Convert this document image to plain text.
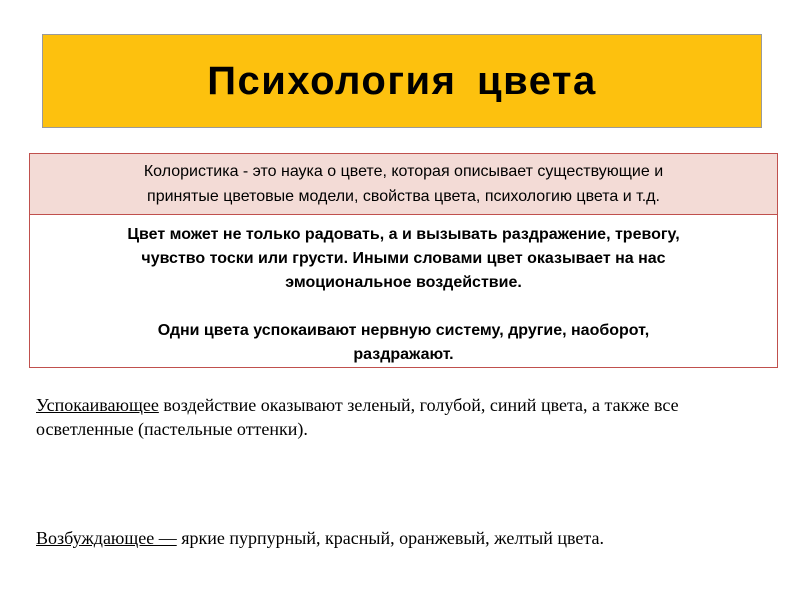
Психология цвета
Колористика - это наука о цвете, которая описывает существующие и
принятые цветовые модели, свойства цвета, психологию цвета и т.д.

Цвет может не только радовать, а и вызывать раздражение, тревогу,

чувство тоски или грусти. Иными словами цвет оказывает на нас

эмоциональное воздействие.

Одни цвета успокаивают нервную систему, другие, наоборот,

раздражают.

Успокаивающее воздействие оказывают зеленый, голубой, синий цвета, а также все осветленные (пастельные оттенки).

Возбуждающее — яркие пурпурный, красный, оранжевый, желтый цвета.
